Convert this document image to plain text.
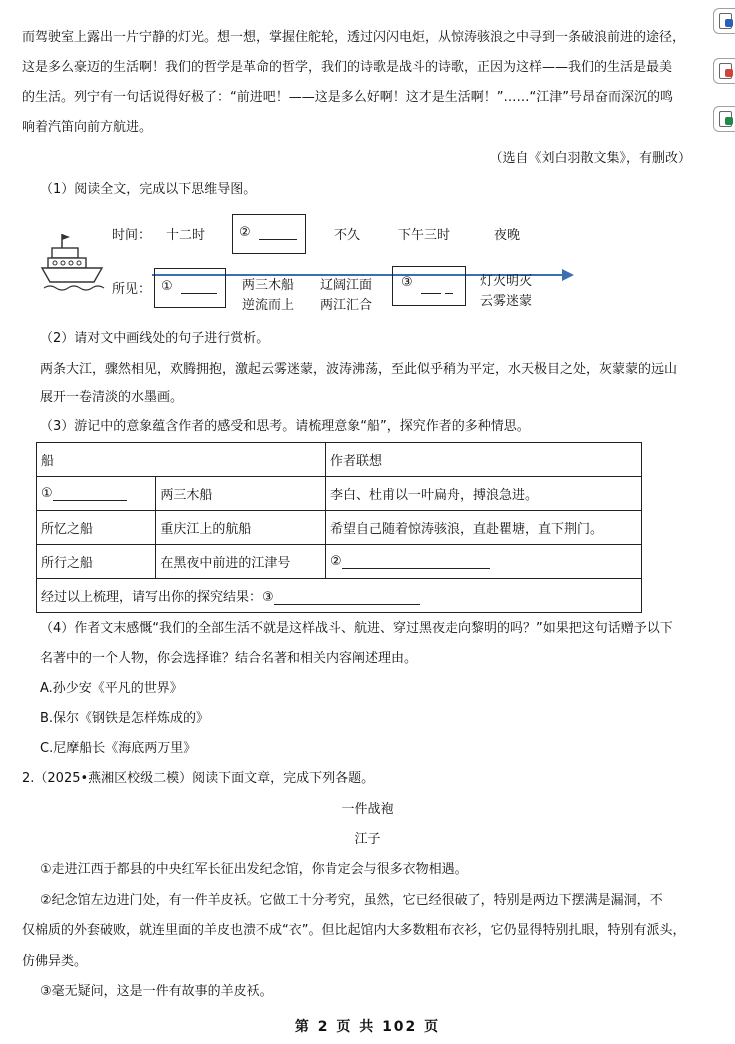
而驾驶室上露出一片宁静的灯光。想一想，掌握住舵轮，透过闪闪电炬，从惊涛骇浪之中寻到一条破浪前进的途径，
这是多么豪迈的生活啊！我们的哲学是革命的哲学，我们的诗歌是战斗的诗歌，正因为这样——我们的生活是最美
的生活。列宁有一句话说得好极了：“前进吧！——这是多么好啊！这才是生活啊！”……“江津”号昂奋而深沉的鸣
响着汽笛向前方航进。
（选自《刘白羽散文集》，有删改）
（1）阅读全文，完成以下思维导图。
时间： 十二时	②	不久	下午三时	夜晚
所见： ①	两三木船
逆流而上
辽阔江面
两江汇合
③	灯火明灭
云雾迷蒙
（2）请对文中画线处的句子进行赏析。
两条大江，骤然相见，欢腾拥抱，激起云雾迷蒙，波涛沸荡，至此似乎稍为平定，水天极目之处，灰蒙蒙的远山
展开一卷清淡的水墨画。
（3）游记中的意象蕴含作者的感受和思考。请梳理意象“船”，探究作者的多种情思。
船		作者联想
①	两三木船	李白、杜甫以一叶扁舟，搏浪急进。
所忆之船	重庆江上的航船	希望自己随着惊涛骇浪，直赴瞿塘，直下荆门。
所行之船	在黑夜中前进的江津号	②
经过以上梳理，请写出你的探究结果：③		
（4）作者文末感慨“我们的全部生活不就是这样战斗、航进、穿过黑夜走向黎明的吗？”如果把这句话赠予以下
名著中的一个人物，你会选择谁？结合名著和相关内容阐述理由。
A.孙少安《平凡的世界》
B.保尔《钢铁是怎样炼成的》
C.尼摩船长《海底两万里》
2.（2025•燕湘区校级二模）阅读下面文章，完成下列各题。
一件战袍
江子
①走进江西于都县的中央红军长征出发纪念馆，你肯定会与很多衣物相遇。
②纪念馆左边进门处，有一件羊皮袄。它做工十分考究，虽然，它已经很破了，特别是两边下摆满是漏洞，不
仅棉质的外套破败，就连里面的羊皮也溃不成“衣”。但比起馆内大多数粗布衣衫，它仍显得特别扎眼，特别有派头，
仿佛异类。
③毫无疑问，这是一件有故事的羊皮袄。
第 2 页 共 102 页
